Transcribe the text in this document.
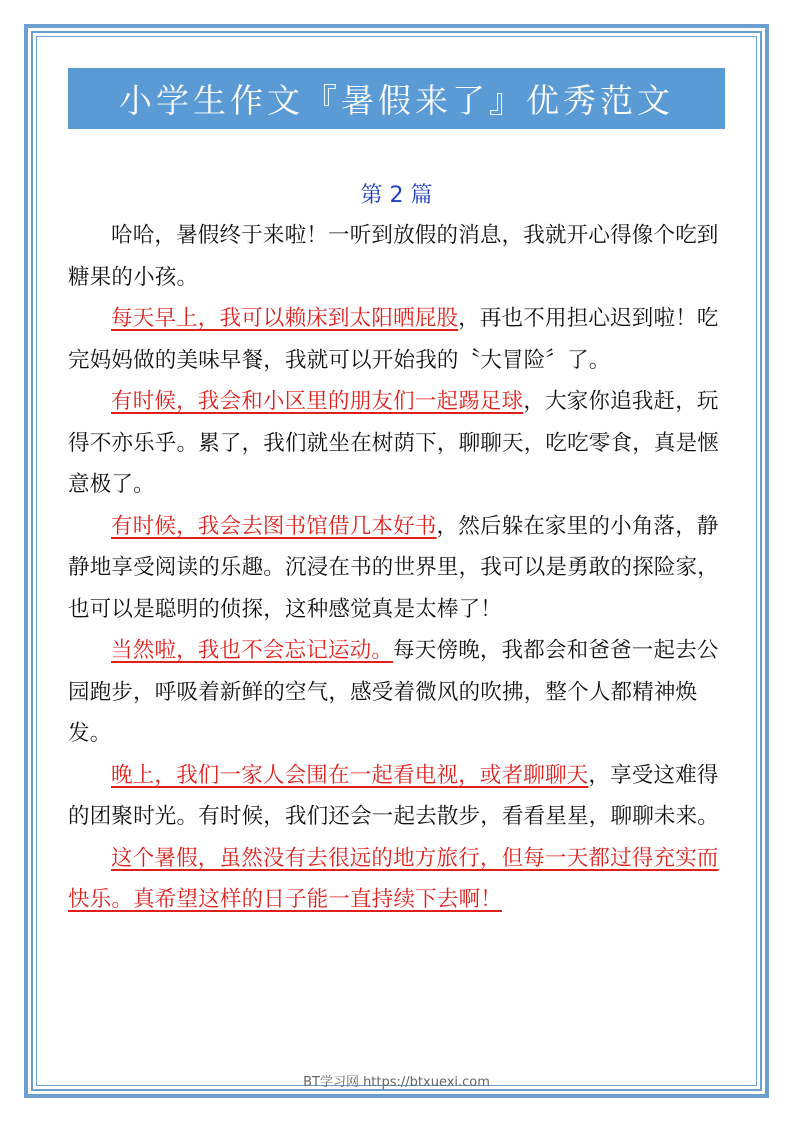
小学生作文『暑假来了』优秀范文
第 2 篇

哈哈，暑假终于来啦！一听到放假的消息，我就开心得像个吃到糖果的小孩。

每天早上，我可以赖床到太阳晒屁股，再也不用担心迟到啦！吃完妈妈做的美味早餐，我就可以开始我的〝大冒险〞了。

有时候，我会和小区里的朋友们一起踢足球，大家你追我赶，玩得不亦乐乎。累了，我们就坐在树荫下，聊聊天，吃吃零食，真是惬意极了。

有时候，我会去图书馆借几本好书，然后躲在家里的小角落，静静地享受阅读的乐趣。沉浸在书的世界里，我可以是勇敢的探险家，也可以是聪明的侦探，这种感觉真是太棒了！

当然啦，我也不会忘记运动。每天傍晚，我都会和爸爸一起去公园跑步，呼吸着新鲜的空气，感受着微风的吹拂，整个人都精神焕发。

晚上，我们一家人会围在一起看电视，或者聊聊天，享受这难得的团聚时光。有时候，我们还会一起去散步，看看星星，聊聊未来。

这个暑假，虽然没有去很远的地方旅行，但每一天都过得充实而快乐。真希望这样的日子能一直持续下去啊！

BT学习网 https://btxuexi.com
